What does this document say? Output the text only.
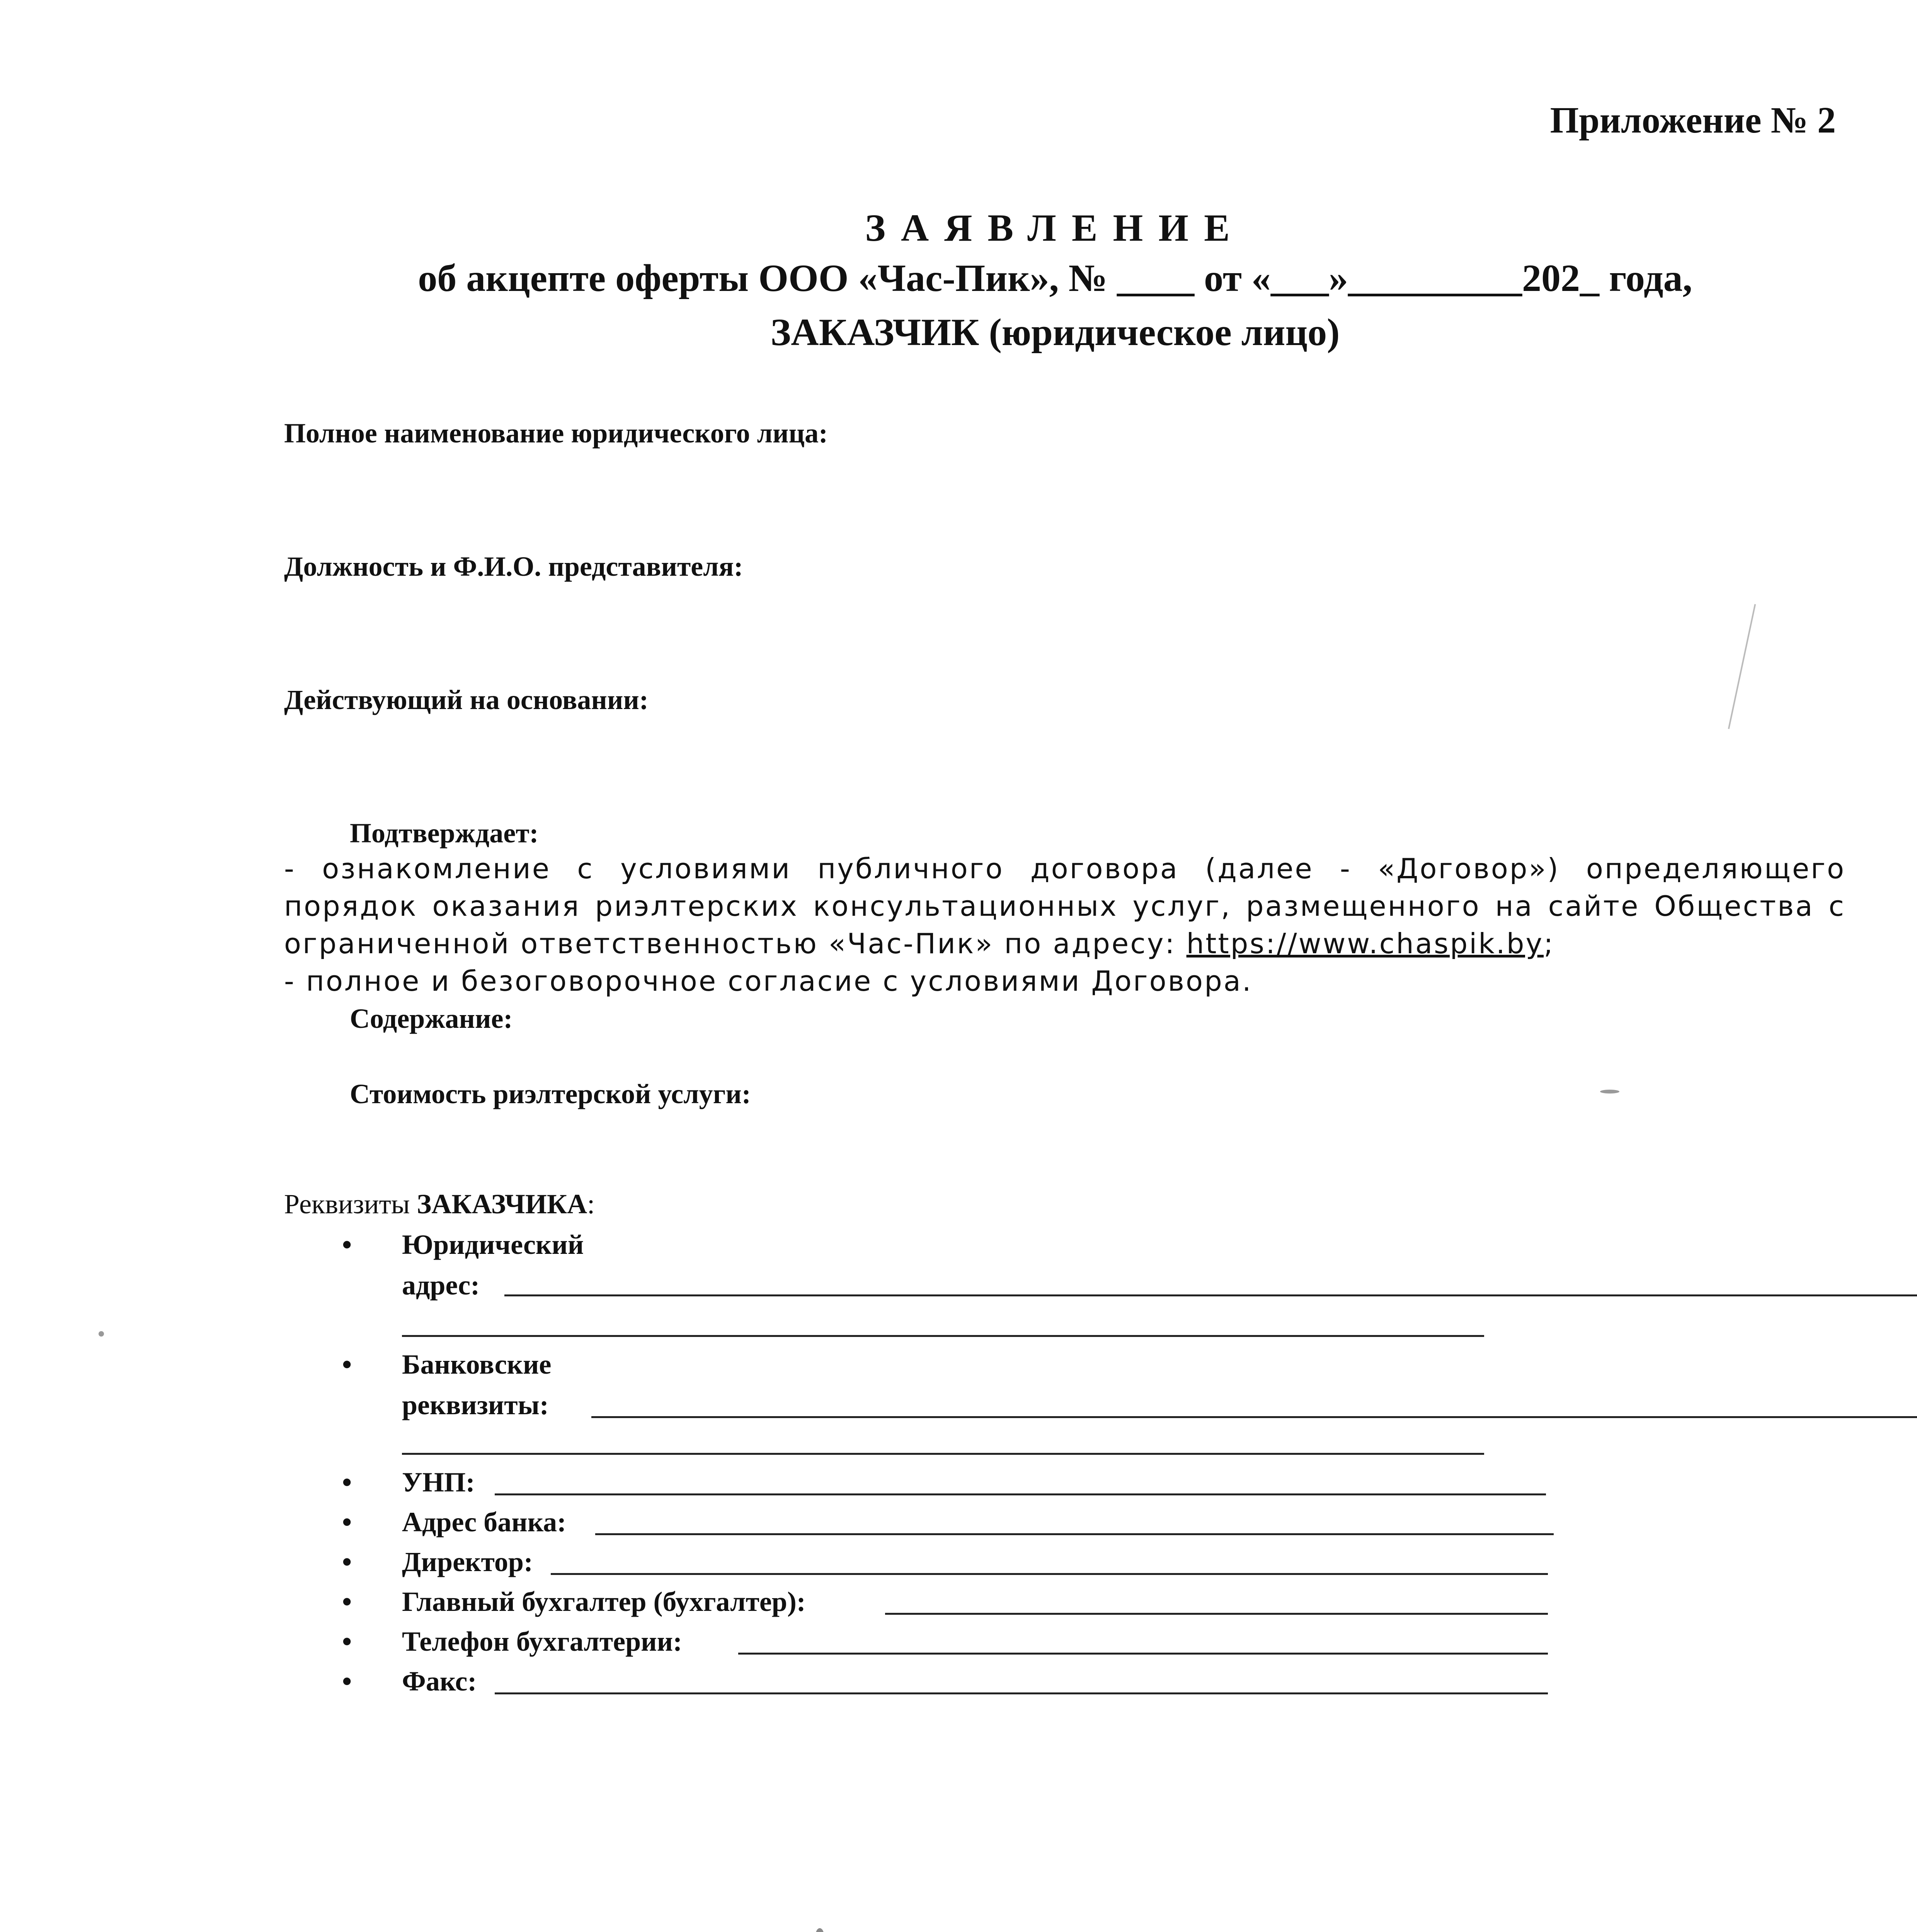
Приложение № 2
ЗАЯВЛЕНИЕ
об акцепте оферты ООО «Час-Пик», № ____ от «___»_________202_ года,
ЗАКАЗЧИК (юридическое лицо)
Полное наименование юридического лица:
Должность и Ф.И.О. представителя:
Действующий на основании:
Подтверждает:

- ознакомление с условиями публичного договора (далее - «Договор») определяющего порядок оказания риэлтерских консультационных услуг, размещенного на сайте Общества с ограниченной ответственностью «Час-Пик» по адресу: https://www.chaspik.by;

- полное и безоговорочное согласие с условиями Договора.

Содержание:
Стоимость риэлтерской услуги:
Реквизиты ЗАКАЗЧИКА:
• Юридический
адрес:
• Банковские
реквизиты:
• УНП:
• Адрес банка:
• Директор:
• Главный бухгалтер (бухгалтер):
• Телефон бухгалтерии:
• Факс:
